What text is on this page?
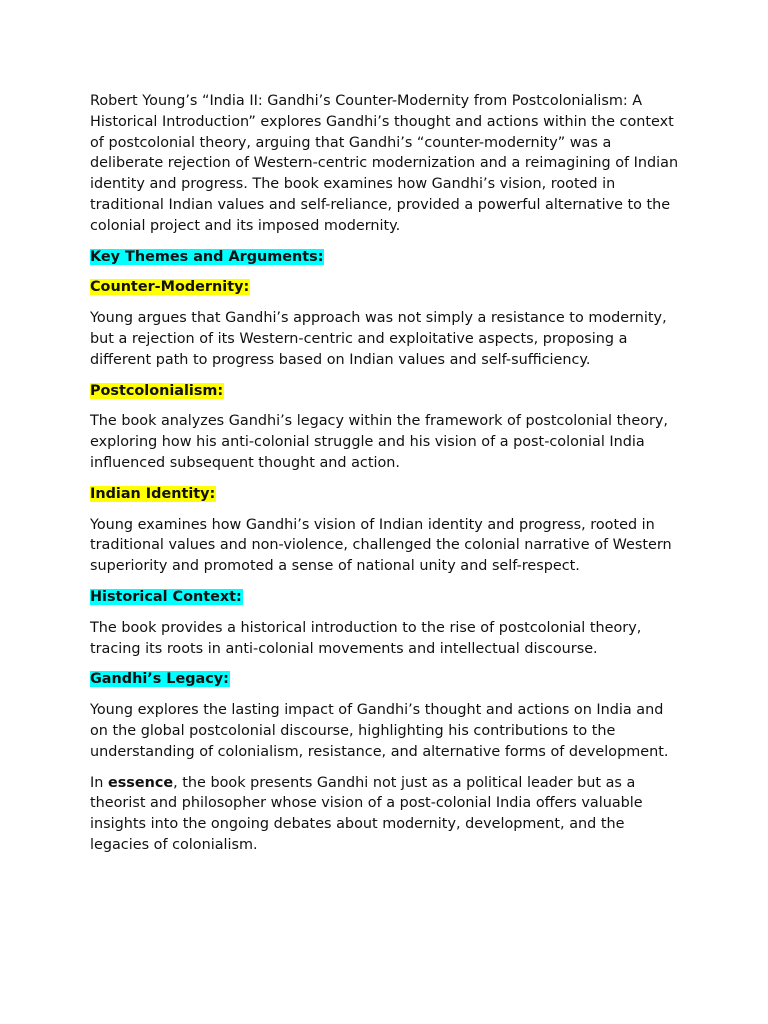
Robert Young’s “India II: Gandhi’s Counter-Modernity from Postcolonialism: A Historical Introduction” explores Gandhi’s thought and actions within the context of postcolonial theory, arguing that Gandhi’s “counter-modernity” was a deliberate rejection of Western-centric modernization and a reimagining of Indian identity and progress. The book examines how Gandhi’s vision, rooted in traditional Indian values and self-reliance, provided a powerful alternative to the colonial project and its imposed modernity.

Key Themes and Arguments:

Counter-Modernity:

Young argues that Gandhi’s approach was not simply a resistance to modernity, but a rejection of its Western-centric and exploitative aspects, proposing a different path to progress based on Indian values and self-sufficiency.

Postcolonialism:

The book analyzes Gandhi’s legacy within the framework of postcolonial theory, exploring how his anti-colonial struggle and his vision of a post-colonial India influenced subsequent thought and action.

Indian Identity:

Young examines how Gandhi’s vision of Indian identity and progress, rooted in traditional values and non-violence, challenged the colonial narrative of Western superiority and promoted a sense of national unity and self-respect.

Historical Context:

The book provides a historical introduction to the rise of postcolonial theory, tracing its roots in anti-colonial movements and intellectual discourse.

Gandhi’s Legacy:

Young explores the lasting impact of Gandhi’s thought and actions on India and on the global postcolonial discourse, highlighting his contributions to the understanding of colonialism, resistance, and alternative forms of development.

In essence, the book presents Gandhi not just as a political leader but as a theorist and philosopher whose vision of a post-colonial India offers valuable insights into the ongoing debates about modernity, development, and the legacies of colonialism.
